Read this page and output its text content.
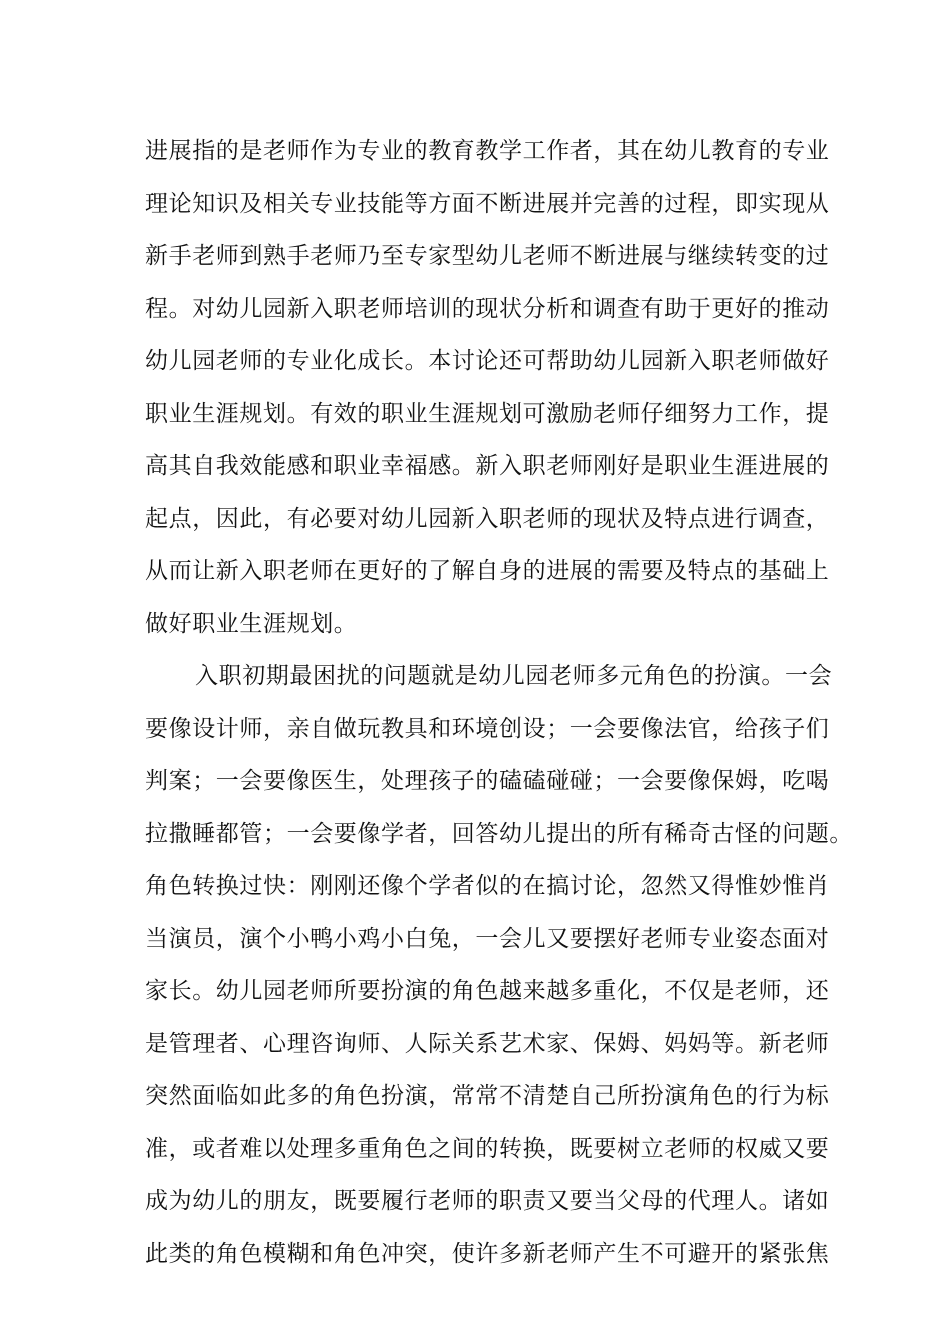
进展指的是老师作为专业的教育教学工作者，其在幼儿教育的专业
理论知识及相关专业技能等方面不断进展并完善的过程，即实现从
新手老师到熟手老师乃至专家型幼儿老师不断进展与继续转变的过
程。对幼儿园新入职老师培训的现状分析和调查有助于更好的推动
幼儿园老师的专业化成长。本讨论还可帮助幼儿园新入职老师做好
职业生涯规划。有效的职业生涯规划可激励老师仔细努力工作，提
高其自我效能感和职业幸福感。新入职老师刚好是职业生涯进展的
起点，因此，有必要对幼儿园新入职老师的现状及特点进行调查，
从而让新入职老师在更好的了解自身的进展的需要及特点的基础上
做好职业生涯规划。
入职初期最困扰的问题就是幼儿园老师多元角色的扮演。一会
要像设计师，亲自做玩教具和环境创设；一会要像法官，给孩子们
判案；一会要像医生，处理孩子的磕磕碰碰；一会要像保姆，吃喝
拉撒睡都管；一会要像学者，回答幼儿提出的所有稀奇古怪的问题。
角色转换过快：刚刚还像个学者似的在搞讨论，忽然又得惟妙惟肖
当演员，演个小鸭小鸡小白兔，一会儿又要摆好老师专业姿态面对
家长。幼儿园老师所要扮演的角色越来越多重化，不仅是老师，还
是管理者、心理咨询师、人际关系艺术家、保姆、妈妈等。新老师
突然面临如此多的角色扮演，常常不清楚自己所扮演角色的行为标
准，或者难以处理多重角色之间的转换，既要树立老师的权威又要
成为幼儿的朋友，既要履行老师的职责又要当父母的代理人。诸如
此类的角色模糊和角色冲突，使许多新老师产生不可避开的紧张焦
